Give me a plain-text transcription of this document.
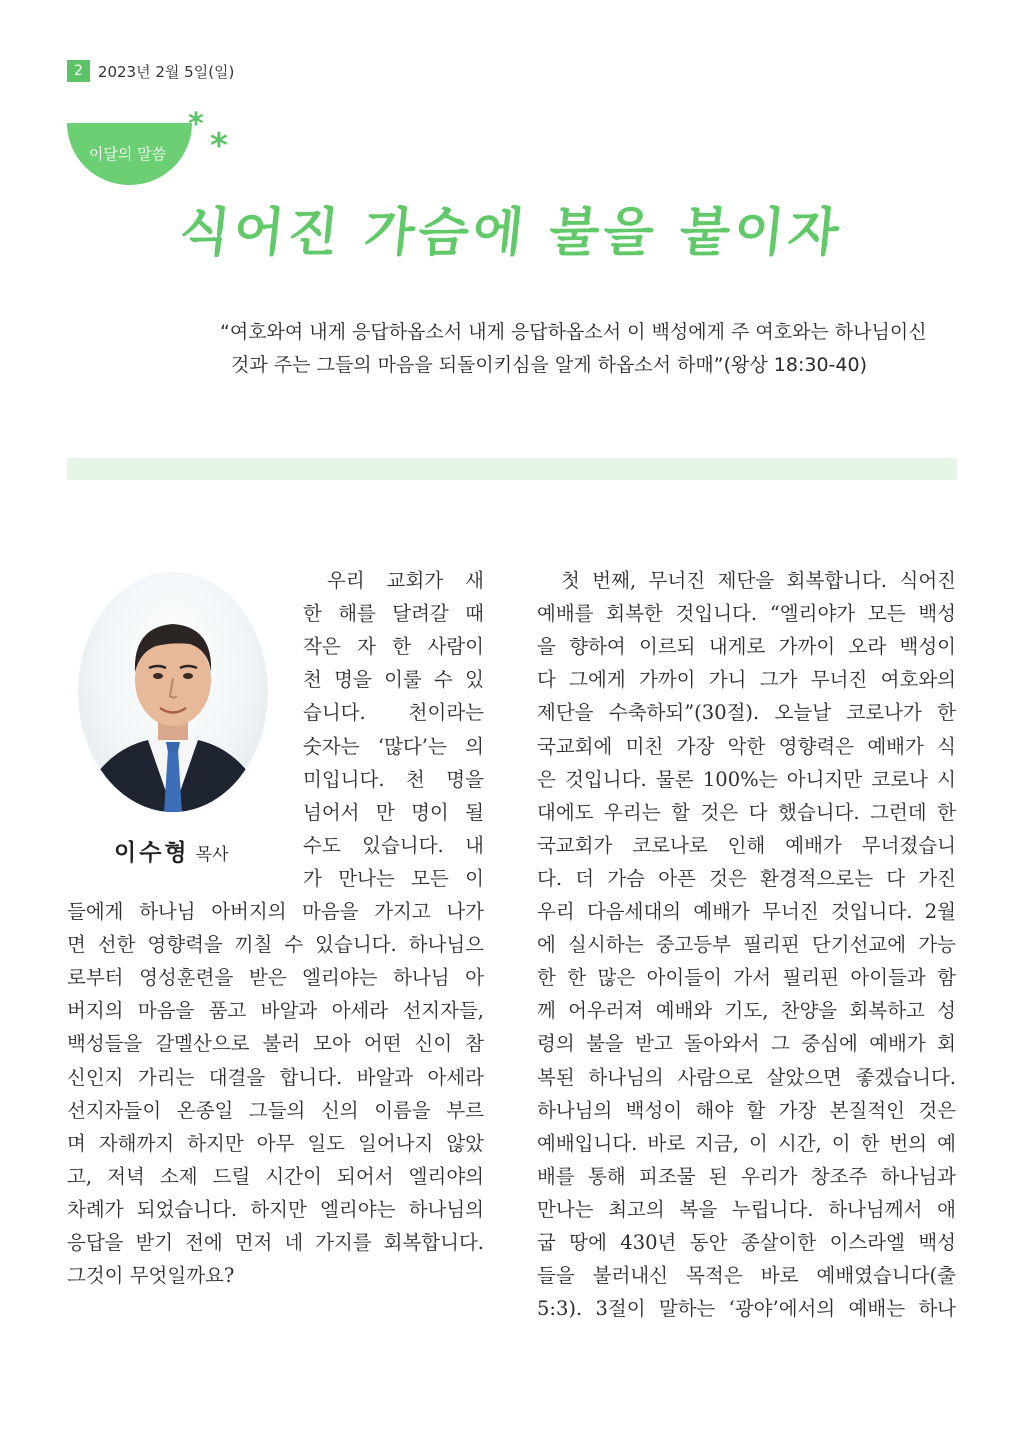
2	2023년 2월 5일(일)
이달의 말씀
*
*
식어진 가슴에 불을 붙이자
“여호와여 내게 응답하옵소서 내게 응답하옵소서 이 백성에게 주 여호와는 하나님이신
것과 주는 그들의 마음을 되돌이키심을 알게 하옵소서 하매”(왕상 18:30-40)
이수형 목사
우리 교회가 새
한 해를 달려갈 때
작은 자 한 사람이
천 명을 이룰 수 있
습니다. 천이라는
숫자는 ‘많다’는 의
미입니다. 천 명을
넘어서 만 명이 될
수도 있습니다. 내
가 만나는 모든 이
들에게 하나님 아버지의 마음을 가지고 나가
면 선한 영향력을 끼칠 수 있습니다. 하나님으
로부터 영성훈련을 받은 엘리야는 하나님 아
버지의 마음을 품고 바알과 아세라 선지자들,
백성들을 갈멜산으로 불러 모아 어떤 신이 참
신인지 가리는 대결을 합니다. 바알과 아세라
선지자들이 온종일 그들의 신의 이름을 부르
며 자해까지 하지만 아무 일도 일어나지 않았
고, 저녁 소제 드릴 시간이 되어서 엘리야의
차례가 되었습니다. 하지만 엘리야는 하나님의
응답을 받기 전에 먼저 네 가지를 회복합니다.
그것이 무엇일까요?
첫 번째, 무너진 제단을 회복합니다. 식어진
예배를 회복한 것입니다. “엘리야가 모든 백성
을 향하여 이르되 내게로 가까이 오라 백성이
다 그에게 가까이 가니 그가 무너진 여호와의
제단을 수축하되”(30절). 오늘날 코로나가 한
국교회에 미친 가장 악한 영향력은 예배가 식
은 것입니다. 물론 100%는 아니지만 코로나 시
대에도 우리는 할 것은 다 했습니다. 그런데 한
국교회가 코로나로 인해 예배가 무너졌습니
다. 더 가슴 아픈 것은 환경적으로는 다 가진
우리 다음세대의 예배가 무너진 것입니다. 2월
에 실시하는 중고등부 필리핀 단기선교에 가능
한 한 많은 아이들이 가서 필리핀 아이들과 함
께 어우러져 예배와 기도, 찬양을 회복하고 성
령의 불을 받고 돌아와서 그 중심에 예배가 회
복된 하나님의 사람으로 살았으면 좋겠습니다.
하나님의 백성이 해야 할 가장 본질적인 것은
예배입니다. 바로 지금, 이 시간, 이 한 번의 예
배를 통해 피조물 된 우리가 창조주 하나님과
만나는 최고의 복을 누립니다. 하나님께서 애
굽 땅에 430년 동안 종살이한 이스라엘 백성
들을 불러내신 목적은 바로 예배였습니다(출
5:3). 3절이 말하는 ‘광야’에서의 예배는 하나
